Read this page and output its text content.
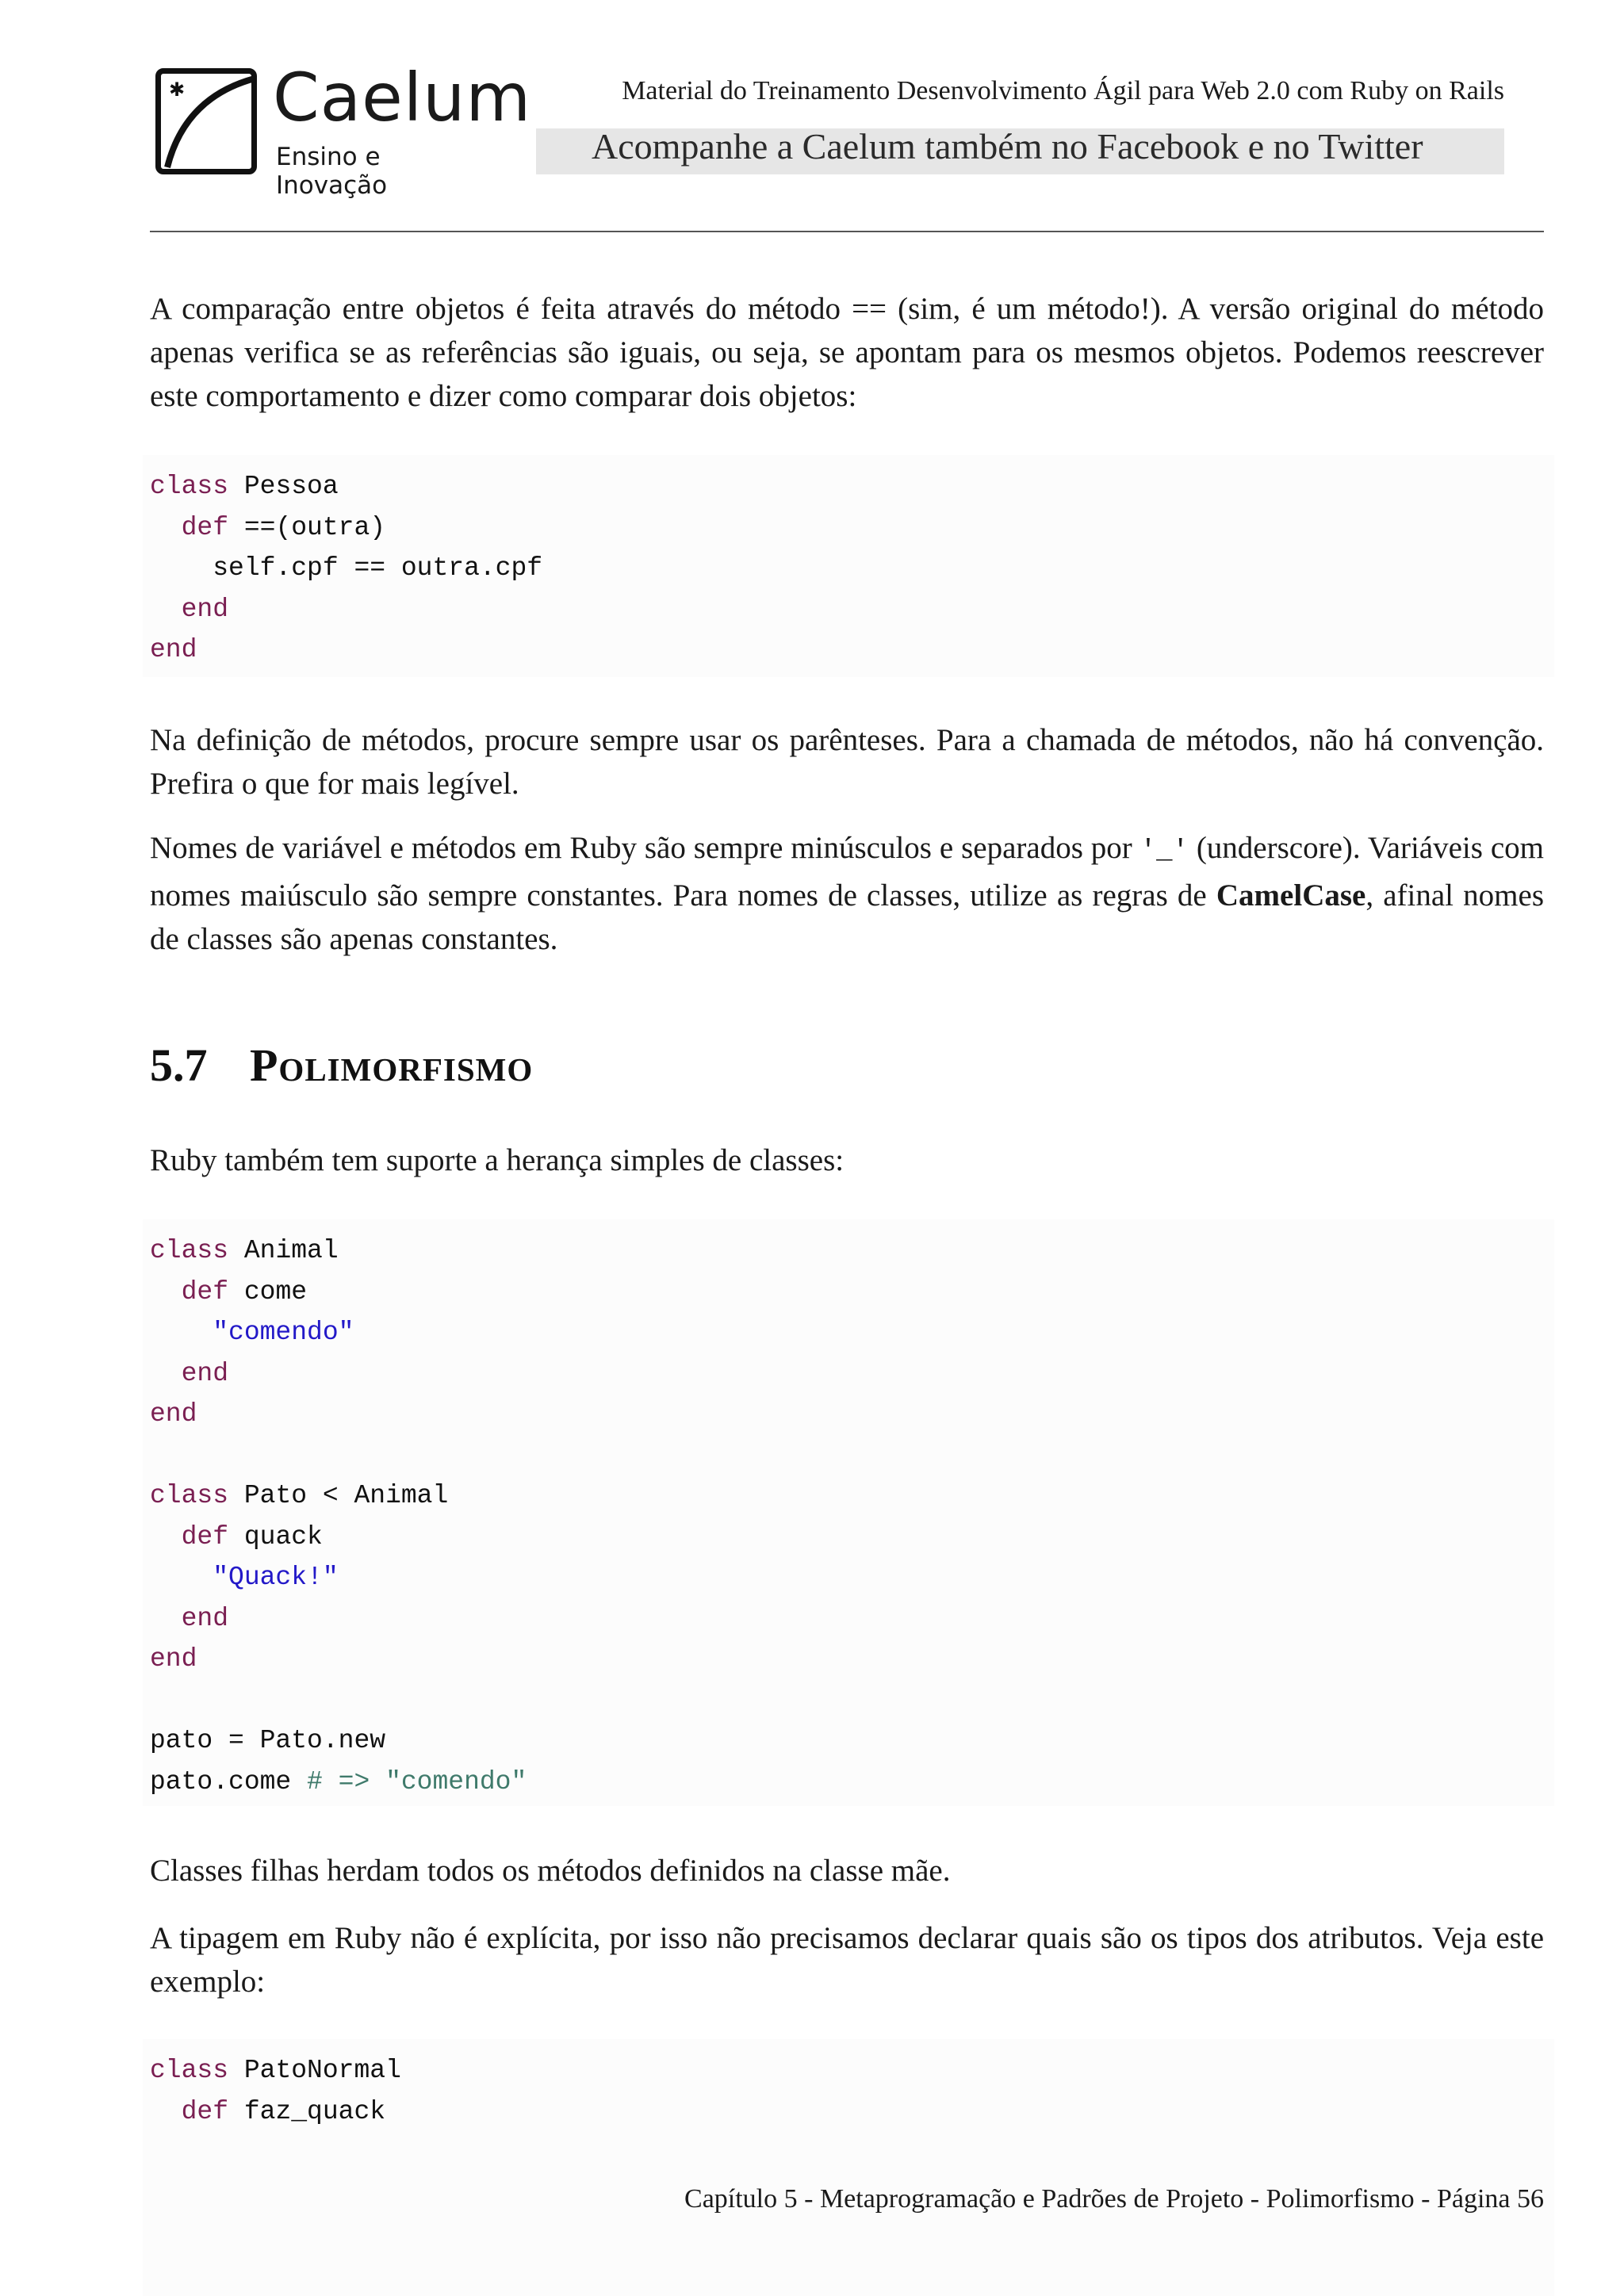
✱ Caelum
Ensino e Inovação
Material do Treinamento Desenvolvimento Ágil para Web 2.0 com Ruby on Rails
Acompanhe a Caelum também no Facebook e no Twitter
A comparação entre objetos é feita através do método == (sim, é um método!). A versão original do método apenas verifica se as referências são iguais, ou seja, se apontam para os mesmos objetos. Podemos reescrever este comportamento e dizer como comparar dois objetos:
class Pessoa
def ==(outra)
self.cpf == outra.cpf
end
end
Na definição de métodos, procure sempre usar os parênteses. Para a chamada de métodos, não há convenção. Prefira o que for mais legível.
Nomes de variável e métodos em Ruby são sempre minúsculos e separados por '_' (underscore). Variáveis com nomes maiúsculo são sempre constantes. Para nomes de classes, utilize as regras de CamelCase, afinal nomes de classes são apenas constantes.
5.7 Polimorfismo
Ruby também tem suporte a herança simples de classes:
class Animal
def come
"comendo"
end
end

class Pato < Animal
def quack
"Quack!"
end
end

pato = Pato.new
pato.come # => "comendo"
Classes filhas herdam todos os métodos definidos na classe mãe.
A tipagem em Ruby não é explícita, por isso não precisamos declarar quais são os tipos dos atributos. Veja este exemplo:
class PatoNormal
def faz_quack
Capítulo 5 - Metaprogramação e Padrões de Projeto - Polimorfismo - Página 56
